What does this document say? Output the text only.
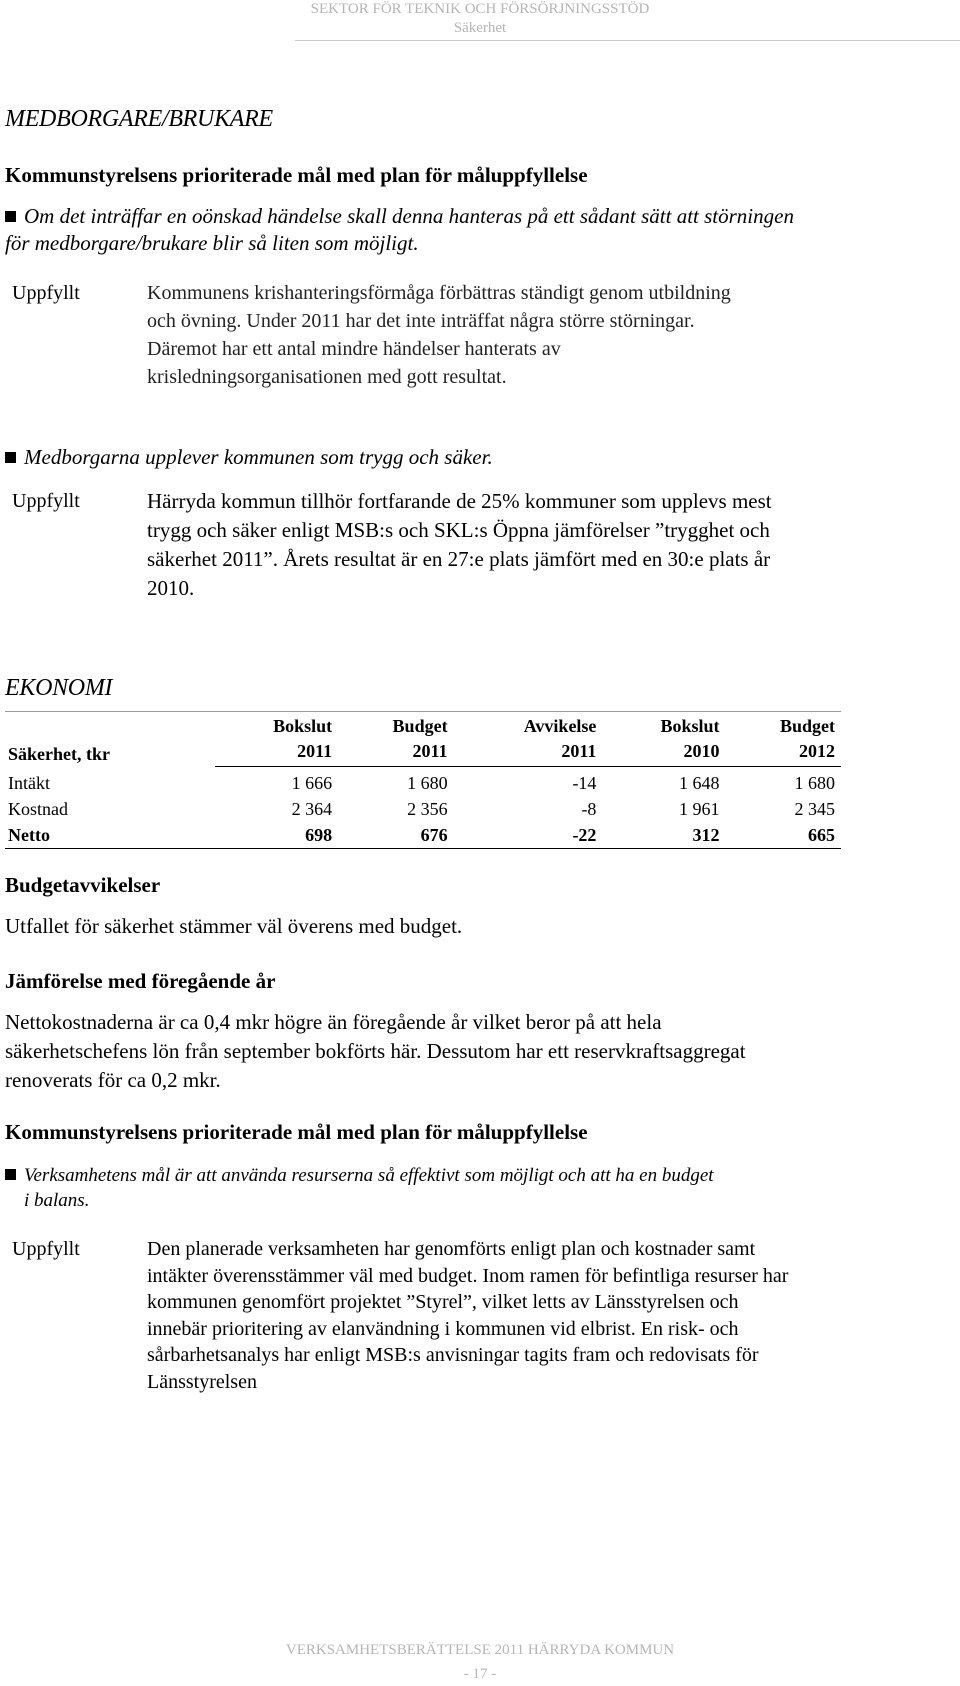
SEKTOR FÖR TEKNIK OCH FÖRSÖRJNINGSSTÖD
Säkerhet
MEDBORGARE/BRUKARE
Kommunstyrelsens prioriterade mål med plan för måluppfyllelse
Om det inträffar en oönskad händelse skall denna hanteras på ett sådant sätt att störningen
för medborgare/brukare blir så liten som möjligt.
Uppfyllt	Kommunens krishanteringsförmåga förbättras ständigt genom utbildning
och övning. Under 2011 har det inte inträffat några större störningar.
Däremot har ett antal mindre händelser hanterats av
krisledningsorganisationen med gott resultat.
Medborgarna upplever kommunen som trygg och säker.
Uppfyllt	Härryda kommun tillhör fortfarande de 25% kommuner som upplevs mest
trygg och säker enligt MSB:s och SKL:s Öppna jämförelser ”trygghet och
säkerhet 2011”. Årets resultat är en 27:e plats jämfört med en 30:e plats år
2010.
EKONOMI
Säkerhet, tkr	Bokslut	Budget	Avvikelse	Bokslut	Budget
	2011	2011	2011	2010	2012
Intäkt	1 666	1 680	-14	1 648	1 680
Kostnad	2 364	2 356	-8	1 961	2 345
Netto	698	676	-22	312	665
Budgetavvikelser
Utfallet för säkerhet stämmer väl överens med budget.
Jämförelse med föregående år
Nettokostnaderna är ca 0,4 mkr högre än föregående år vilket beror på att hela
säkerhetschefens lön från september bokförts här. Dessutom har ett reservkraftsaggregat
renoverats för ca 0,2 mkr.
Kommunstyrelsens prioriterade mål med plan för måluppfyllelse
Verksamhetens mål är att använda resurserna så effektivt som möjligt och att ha en budget
i balans.
Uppfyllt	Den planerade verksamheten har genomförts enligt plan och kostnader samt
intäkter överensstämmer väl med budget. Inom ramen för befintliga resurser har
kommunen genomfört projektet ”Styrel”, vilket letts av Länsstyrelsen och
innebär prioritering av elanvändning i kommunen vid elbrist. En risk- och
sårbarhetsanalys har enligt MSB:s anvisningar tagits fram och redovisats för
Länsstyrelsen
VERKSAMHETSBERÄTTELSE 2011 HÄRRYDA KOMMUN
- 17 -
